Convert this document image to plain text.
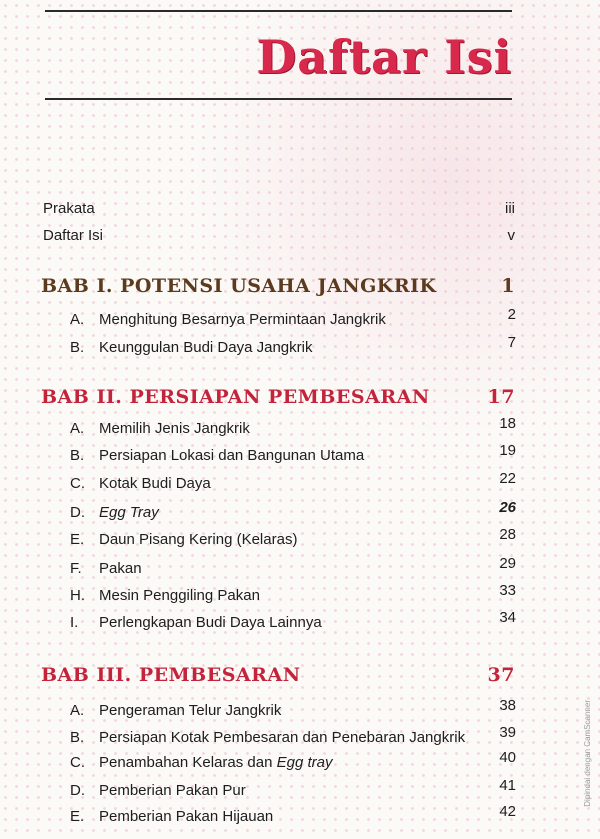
Daftar Isi
Prakata	iii
Daftar Isi	v
BAB I. POTENSI USAHA JANGKRIK	1
A. Menghitung Besarnya Permintaan Jangkrik	2
B. Keunggulan Budi Daya Jangkrik	7
BAB II. PERSIAPAN PEMBESARAN	17
A. Memilih Jenis Jangkrik	18
B. Persiapan Lokasi dan Bangunan Utama	19
C. Kotak Budi Daya	22
D. Egg Tray	26
E. Daun Pisang Kering (Kelaras)	28
F.	Pakan	29
H. Mesin Penggiling Pakan	33
I.	Perlengkapan Budi Daya Lainnya	34
BAB III. PEMBESARAN	37
A. Pengeraman Telur Jangkrik	38
B. Persiapan Kotak Pembesaran dan Penebaran Jangkrik 39
C. Penambahan Kelaras dan Egg tray	40
D. Pemberian Pakan Pur	41
E. Pemberian Pakan Hijauan	42
Dipindai dengan CamScanner
